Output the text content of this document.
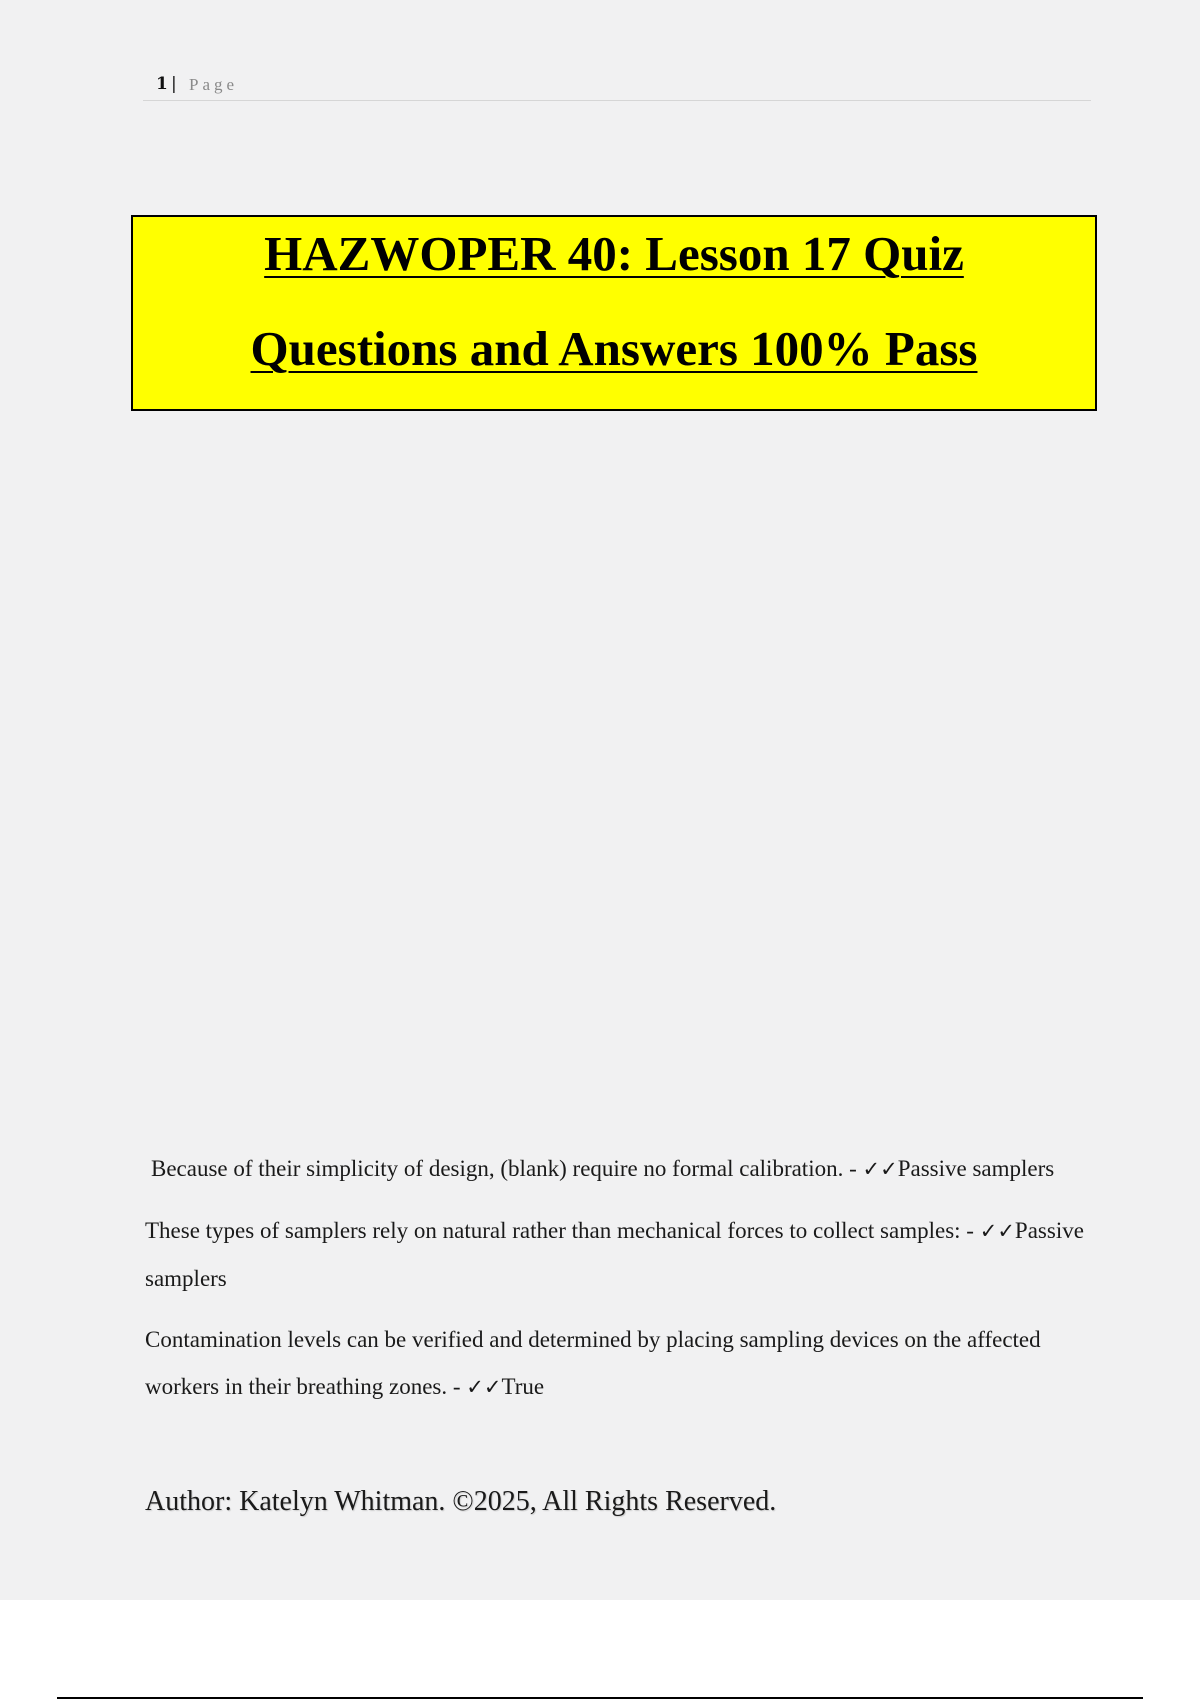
1 | Page
HAZWOPER 40: Lesson 17 Quiz
Questions and Answers 100% Pass

Because of their simplicity of design, (blank) require no formal calibration. - ✓✓Passive samplers

These types of samplers rely on natural rather than mechanical forces to collect samples: - ✓✓Passive samplers

Contamination levels can be verified and determined by placing sampling devices on the affected workers in their breathing zones. - ✓✓True

Author: Katelyn Whitman. ©2025, All Rights Reserved.
